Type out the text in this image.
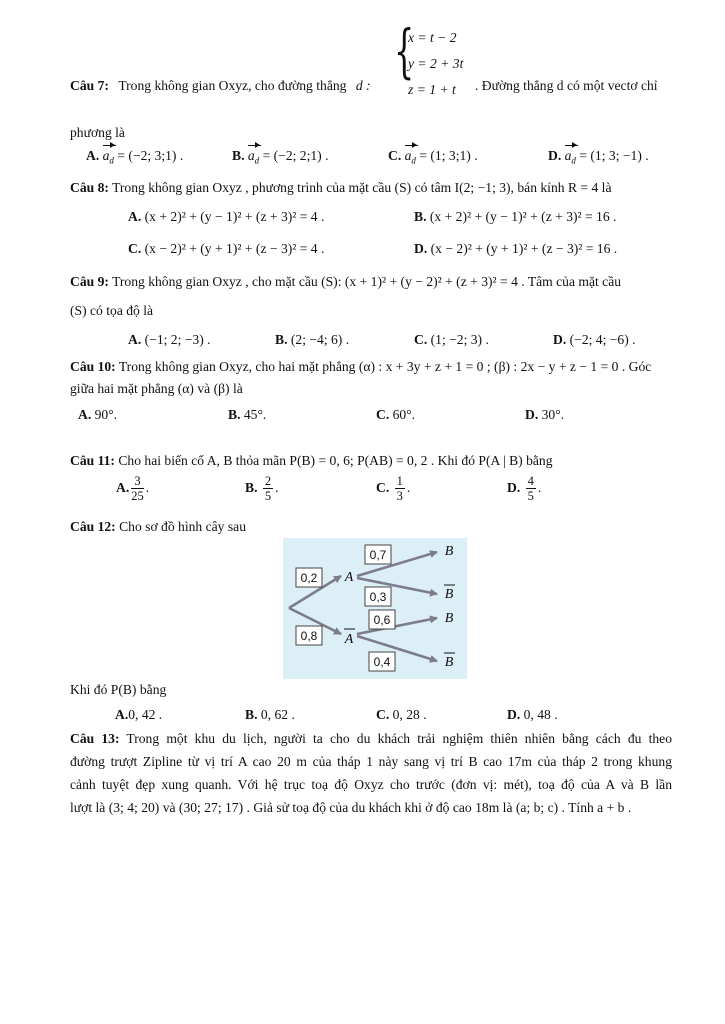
Câu 7: Trong không gian Oxyz, cho đường thẳng d :
{
x = t − 2
y = 2 + 3t
z = 1 + t . Đường thẳng d có một vectơ chỉ
phương là
A. $a_d = (-2$; 3;1) .	B. $a_d = (-2$; 2;1) .	C. $a_d = (1$; 3;1) .	D. $a_d = (1$; 3; −1) .
Câu 8: Trong không gian Oxyz , phương trình của mặt cầu (S) có tâm I(2; −1; 3), bán kính R = 4 là
A. (x + 2)² + (y − 1)² + (z + 3)² = 4 .	B. (x + 2)² + (y − 1)² + (z + 3)² = 16 .
C. (x − 2)² + (y + 1)² + (z − 3)² = 4 .	D. (x − 2)² + (y + 1)² + (z − 3)² = 16 .
Câu 9: Trong không gian Oxyz , cho mặt cầu (S): (x + 1)² + (y − 2)² + (z + 3)² = 4 . Tâm của mặt cầu
(S) có tọa độ là
A. (−1; 2; −3) .	B. (2; −4; 6) .	C. (1; −2; 3) .	D. (−2; 4; −6) .
Câu 10: Trong không gian Oxyz, cho hai mặt phẳng (α) : x + 3y + z + 1 = 0 ; (β) : 2x − y + z − 1 = 0 . Góc
giữa hai mặt phẳng (α) và (β) là
A. 90°.	B. 45°.	C. 60°.	D. 30°.
Câu 11: Cho hai biến cố A, B thỏa mãn P(B) = 0, 6; P(AB) = 0, 2 . Khi đó P(A | B) bằng
A. $\frac{3}{25}$ .	B. $\frac{2}{5}$ .	C. $\frac{1}{3}$ .	D. $\frac{4}{5}$ .
Câu 12: Cho sơ đồ hình cây sau
0,2
0,8
0,7
0,3
0,6
0,4
A
A
B
B
B
B
Khi đó P(B) bằng
A.0, 42 .	B. 0, 62 .	C. 0, 28 .	D. 0, 48 .
Câu 13: Trong một khu du lịch, người ta cho du khách trải nghiệm thiên nhiên bằng cách đu theo
đường trượt Zipline từ vị trí A cao 20 m của tháp 1 này sang vị trí B cao 17m của tháp 2 trong khung
cảnh tuyệt đẹp xung quanh. Với hệ trục toạ độ Oxyz cho trước (đơn vị: mét), toạ độ của A và B lần
lượt là (3; 4; 20) và (30; 27; 17) . Giả sử toạ độ của du khách khi ở độ cao 18m là (a; b; c) . Tính a + b .
